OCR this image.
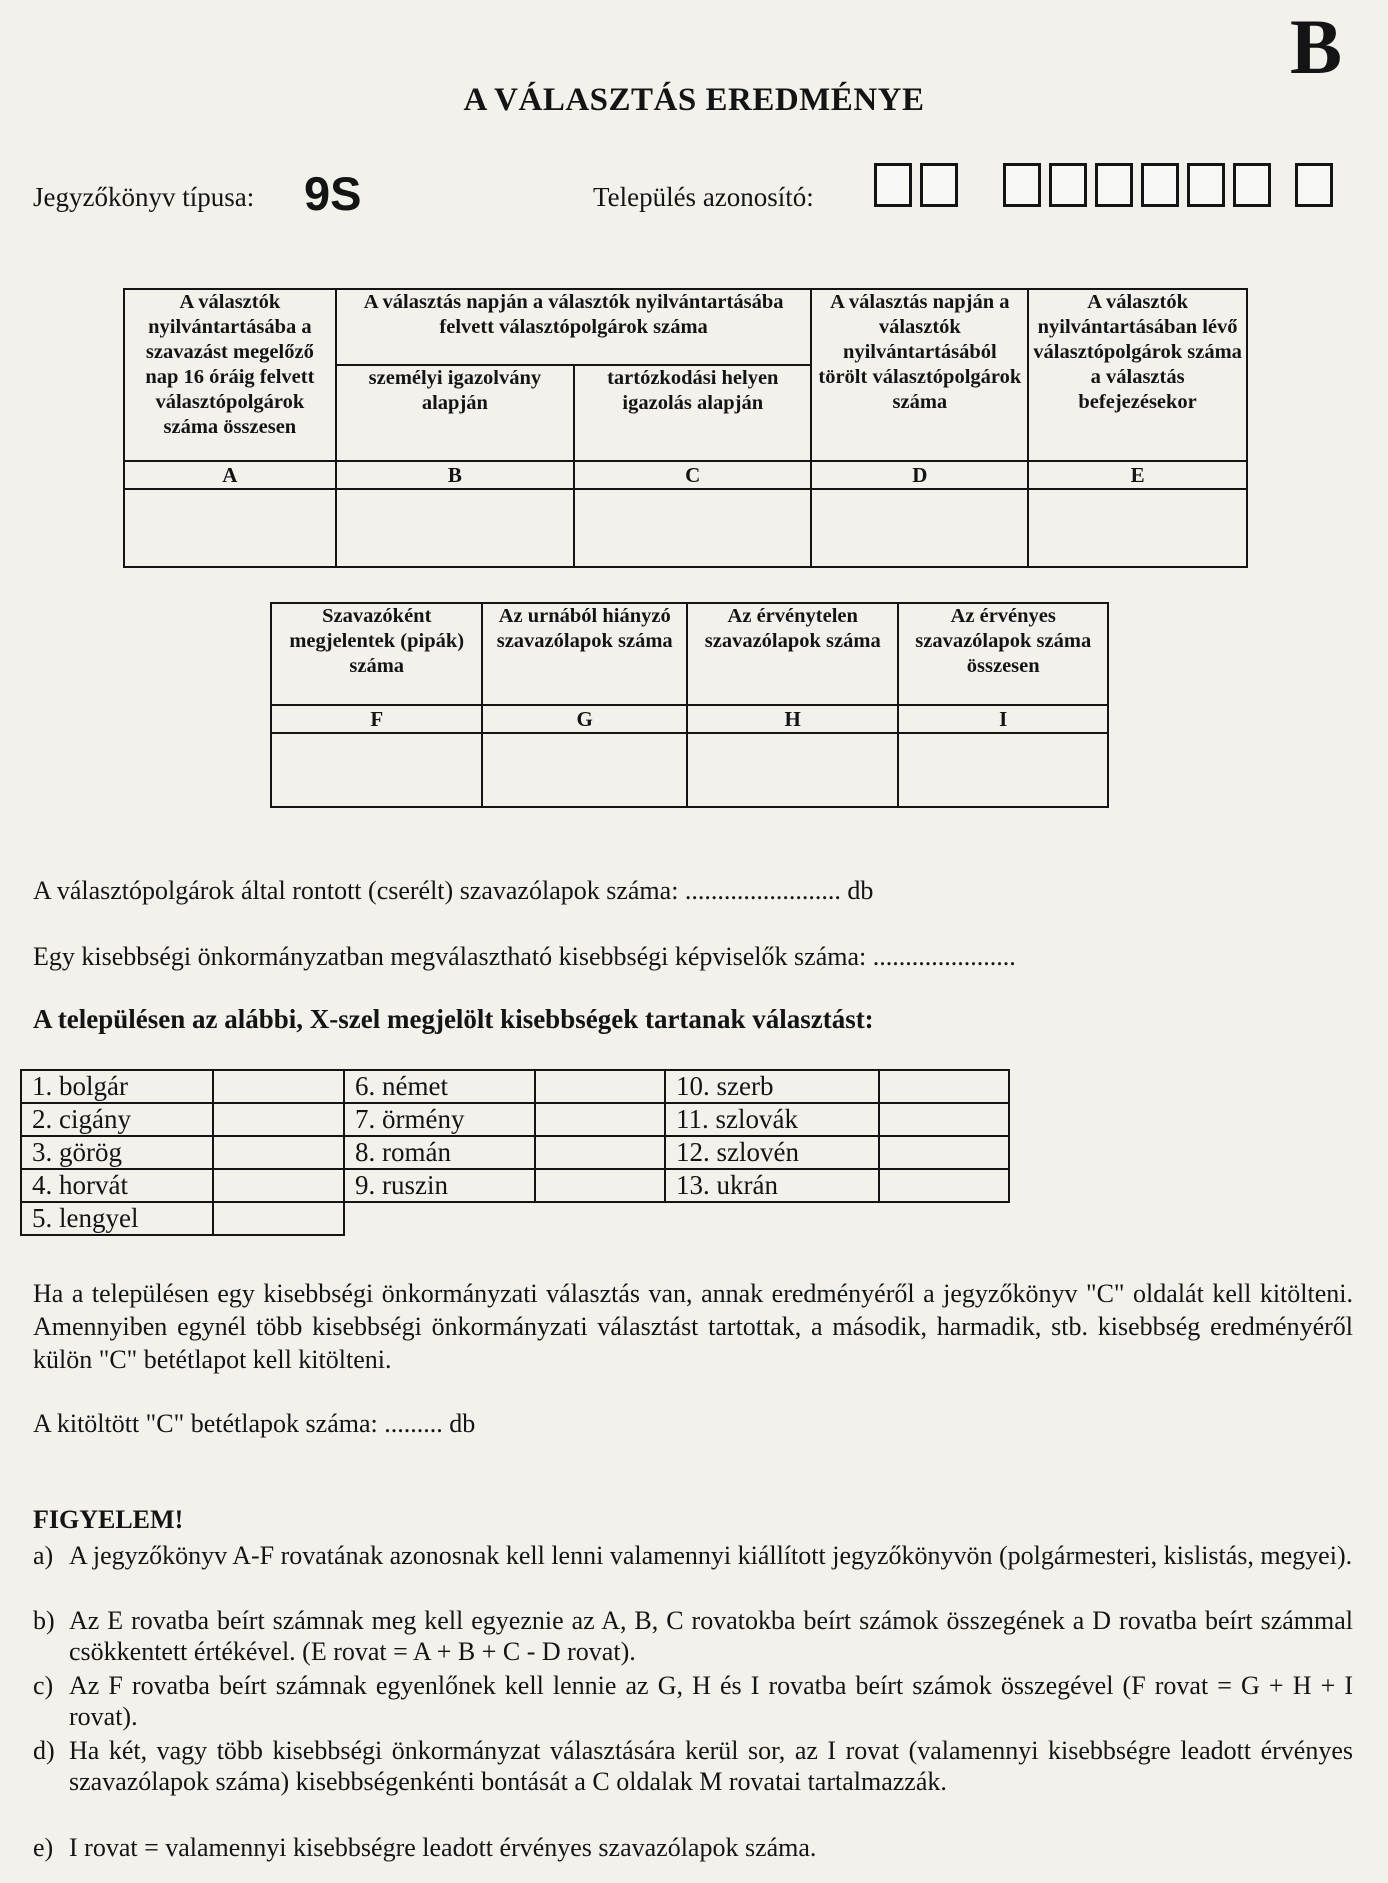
B
A VÁLASZTÁS EREDMÉNYE
Jegyzőkönyv típusa: 9S	Település azonosító:
A választók nyilvántartásába a szavazást megelőző nap 16 óráig felvett választópolgárok száma összesen	A választás napján a választók nyilvántartásába felvett választópolgárok száma		A választás napján a választók nyilvántartásából törölt választópolgárok száma	A választók nyilvántartásában lévő választópolgárok száma a választás befejezésekor
	személyi igazolvány alapján	tartózkodási helyen igazolás alapján		
A	B	C	D	E

Szavazóként megjelentek (pipák) száma	Az urnából hiányzó szavazólapok száma	Az érvénytelen szavazólapok száma	Az érvényes szavazólapok száma összesen
F	G	H	I

A választópolgárok által rontott (cserélt) szavazólapok száma: ........................ db
Egy kisebbségi önkormányzatban megválasztható kisebbségi képviselők száma: ......................
A településen az alábbi, X-szel megjelölt kisebbségek tartanak választást:
1. bolgár		6. német		10. szerb	
2. cigány		7. örmény		11. szlovák	
3. görög		8. román		12. szlovén	
4. horvát		9. ruszin		13. ukrán	
5. lengyel					
Ha a településen egy kisebbségi önkormányzati választás van, annak eredményéről a jegyzőkönyv "C" oldalát kell kitölteni. Amennyiben egynél több kisebbségi önkormányzati választást tartottak, a második, harmadik, stb. kisebbség eredményéről külön "C" betétlapot kell kitölteni.
A kitöltött "C" betétlapok száma: ......... db
FIGYELEM!
a) A jegyzőkönyv A-F rovatának azonosnak kell lenni valamennyi kiállított jegyzőkönyvön (polgármesteri, kislistás, megyei).
b) Az E rovatba beírt számnak meg kell egyeznie az A, B, C rovatokba beírt számok összegének a D rovatba beírt számmal csökkentett értékével. (E rovat = A + B + C - D rovat).
c) Az F rovatba beírt számnak egyenlőnek kell lennie az G, H és I rovatba beírt számok összegével (F rovat = G + H + I rovat).
d) Ha két, vagy több kisebbségi önkormányzat választására kerül sor, az I rovat (valamennyi kisebbségre leadott érvényes szavazólapok száma) kisebbségenkénti bontását a C oldalak M rovatai tartalmazzák.
e) I rovat = valamennyi kisebbségre leadott érvényes szavazólapok száma.
